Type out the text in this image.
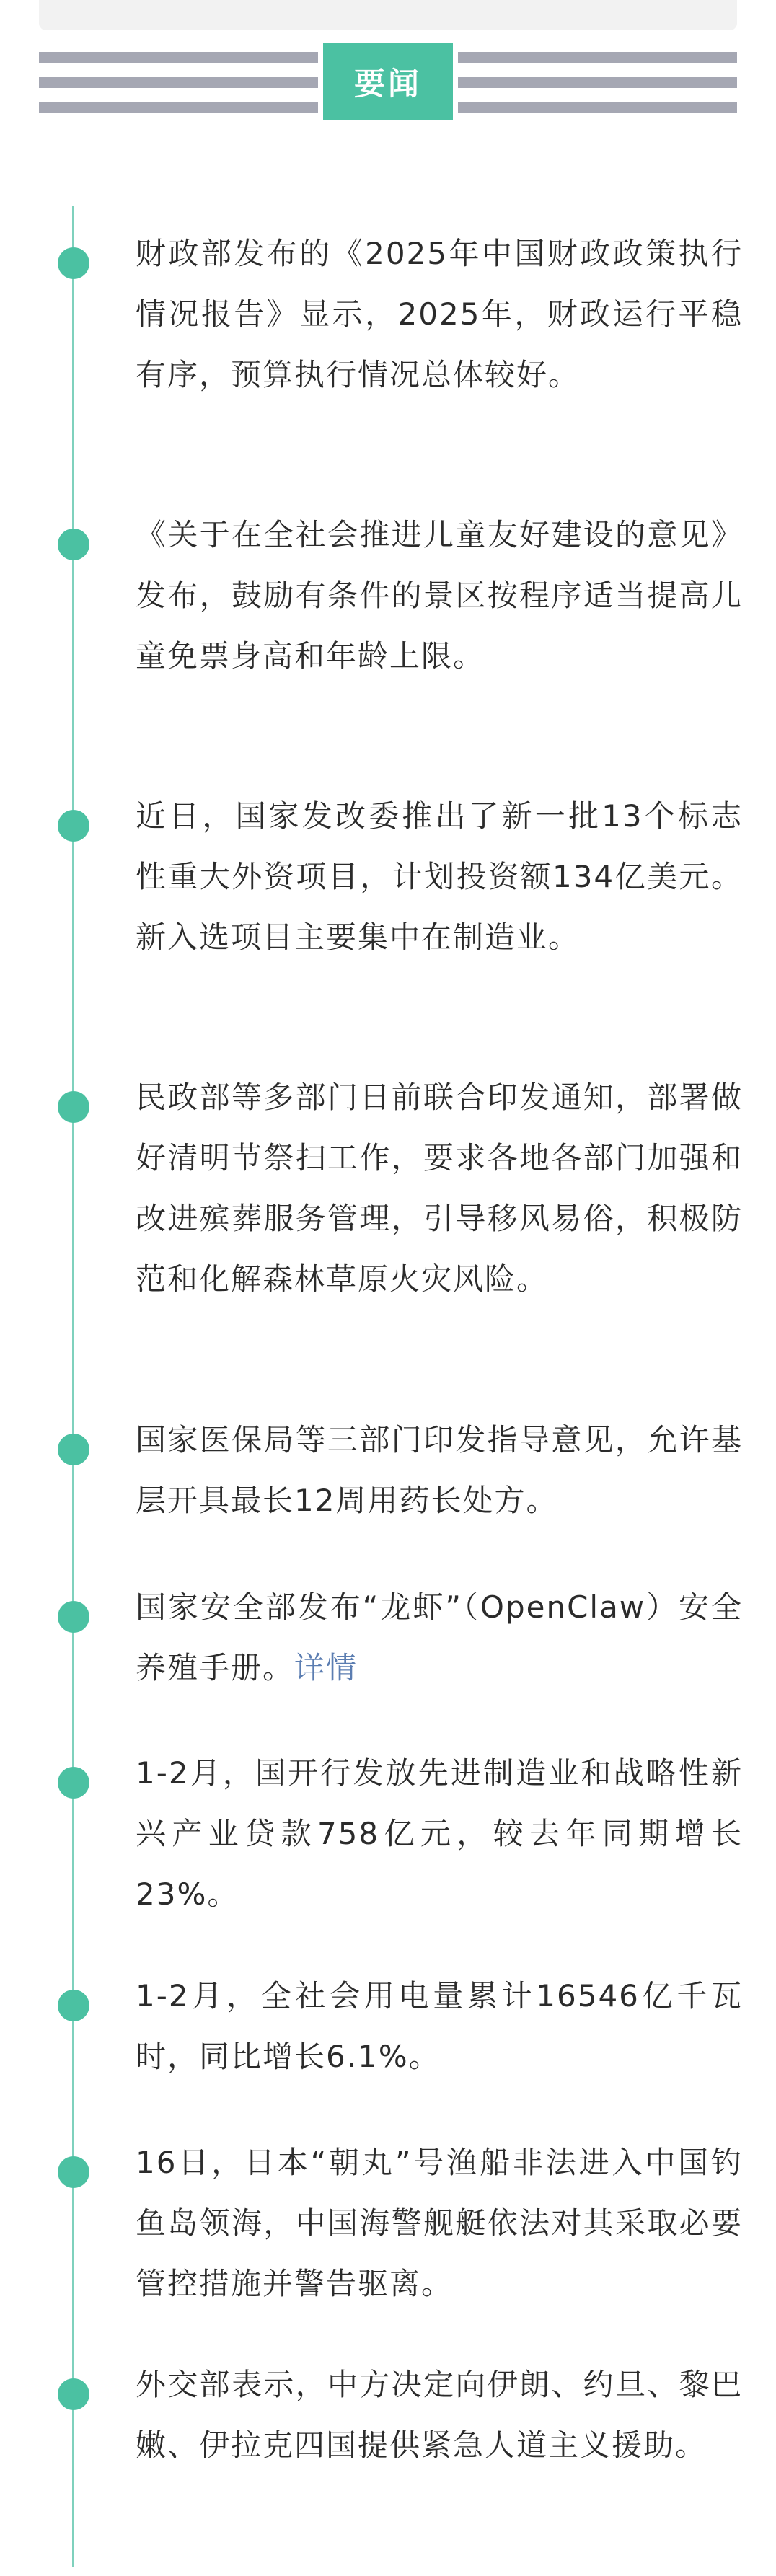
要闻

财政部发布的《2025年中国财政政策执行情况报告》显示，2025年，财政运行平稳有序，预算执行情况总体较好。

《关于在全社会推进儿童友好建设的意见》发布，鼓励有条件的景区按程序适当提高儿童免票身高和年龄上限。

近日，国家发改委推出了新一批13个标志性重大外资项目，计划投资额134亿美元。新入选项目主要集中在制造业。

民政部等多部门日前联合印发通知，部署做好清明节祭扫工作，要求各地各部门加强和改进殡葬服务管理，引导移风易俗，积极防范和化解森林草原火灾风险。

国家医保局等三部门印发指导意见，允许基层开具最长12周用药长处方。

国家安全部发布“龙虾”（OpenClaw）安全养殖手册。详情

1-2月，国开行发放先进制造业和战略性新兴产业贷款758亿元，较去年同期增长23%。

1-2月，全社会用电量累计16546亿千瓦时，同比增长6.1%。

16日，日本“朝丸”号渔船非法进入中国钓鱼岛领海，中国海警舰艇依法对其采取必要管控措施并警告驱离。

外交部表示，中方决定向伊朗、约旦、黎巴嫩、伊拉克四国提供紧急人道主义援助。
